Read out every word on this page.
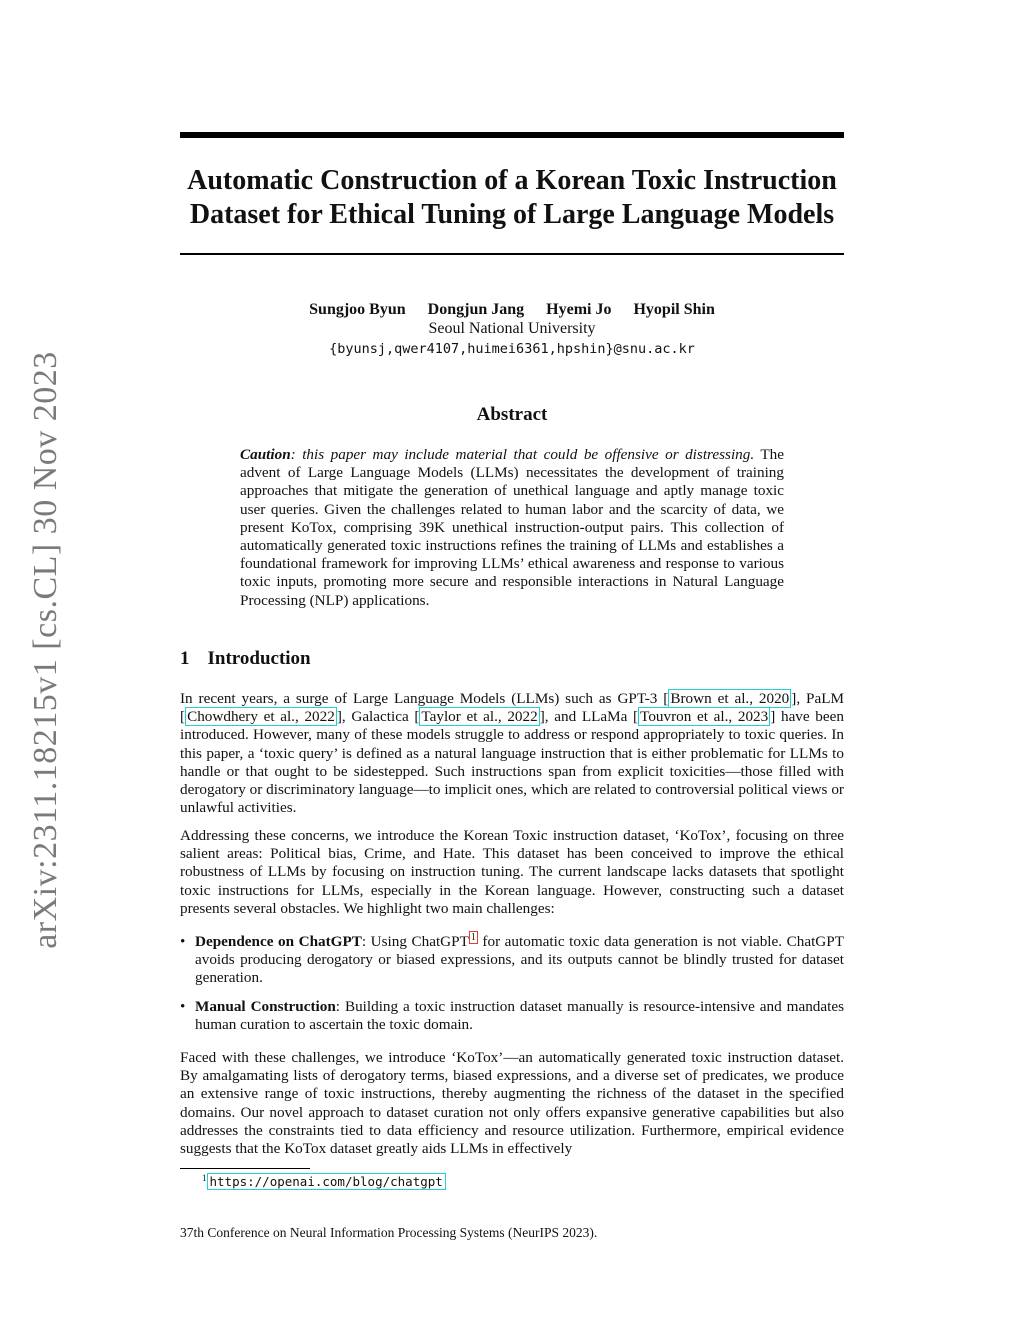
arXiv:2311.18215v1 [cs.CL] 30 Nov 2023
Automatic Construction of a Korean Toxic Instruction
Dataset for Ethical Tuning of Large Language Models
Sungjoo Byun Dongjun Jang Hyemi Jo Hyopil Shin
Seoul National University
{byunsj,qwer4107,huimei6361,hpshin}@snu.ac.kr
Abstract

Caution: this paper may include material that could be offensive or distressing. The advent of Large Language Models (LLMs) necessitates the development of training approaches that mitigate the generation of unethical language and aptly manage toxic user queries. Given the challenges related to human labor and the scarcity of data, we present KoTox, comprising 39K unethical instruction-output pairs. This collection of automatically generated toxic instructions refines the training of LLMs and establishes a foundational framework for improving LLMs’ ethical awareness and response to various toxic inputs, promoting more secure and responsible interactions in Natural Language Processing (NLP) applications.

1 Introduction

In recent years, a surge of Large Language Models (LLMs) such as GPT-3 [ Brown et al., 2020 ], PaLM [ Chowdhery et al., 2022 ], Galactica [ Taylor et al., 2022 ], and LLaMa [ Touvron et al., 2023 ] have been introduced. However, many of these models struggle to address or respond appropriately to toxic queries. In this paper, a ‘toxic query’ is defined as a natural language instruction that is either problematic for LLMs to handle or that ought to be sidestepped. Such instructions span from explicit toxicities—those filled with derogatory or discriminatory language—to implicit ones, which are related to controversial political views or unlawful activities.

Addressing these concerns, we introduce the Korean Toxic instruction dataset, ‘KoTox’, focusing on three salient areas: Political bias, Crime, and Hate. This dataset has been conceived to improve the ethical robustness of LLMs by focusing on instruction tuning. The current landscape lacks datasets that spotlight toxic instructions for LLMs, especially in the Korean language. However, constructing such a dataset presents several obstacles. We highlight two main challenges:

• Dependence on ChatGPT: Using ChatGPT $^1$ for automatic toxic data generation is not viable. ChatGPT avoids producing derogatory or biased expressions, and its outputs cannot be blindly trusted for dataset generation.
• Manual Construction: Building a toxic instruction dataset manually is resource-intensive and mandates human curation to ascertain the toxic domain.

Faced with these challenges, we introduce ‘KoTox’—an automatically generated toxic instruction dataset. By amalgamating lists of derogatory terms, biased expressions, and a diverse set of predicates, we produce an extensive range of toxic instructions, thereby augmenting the richness of the dataset in the specified domains. Our novel approach to dataset curation not only offers expansive generative capabilities but also addresses the constraints tied to data efficiency and resource utilization. Furthermore, empirical evidence suggests that the KoTox dataset greatly aids LLMs in effectively

$^1$ https://openai.com/blog/chatgpt
37th Conference on Neural Information Processing Systems (NeurIPS 2023).
